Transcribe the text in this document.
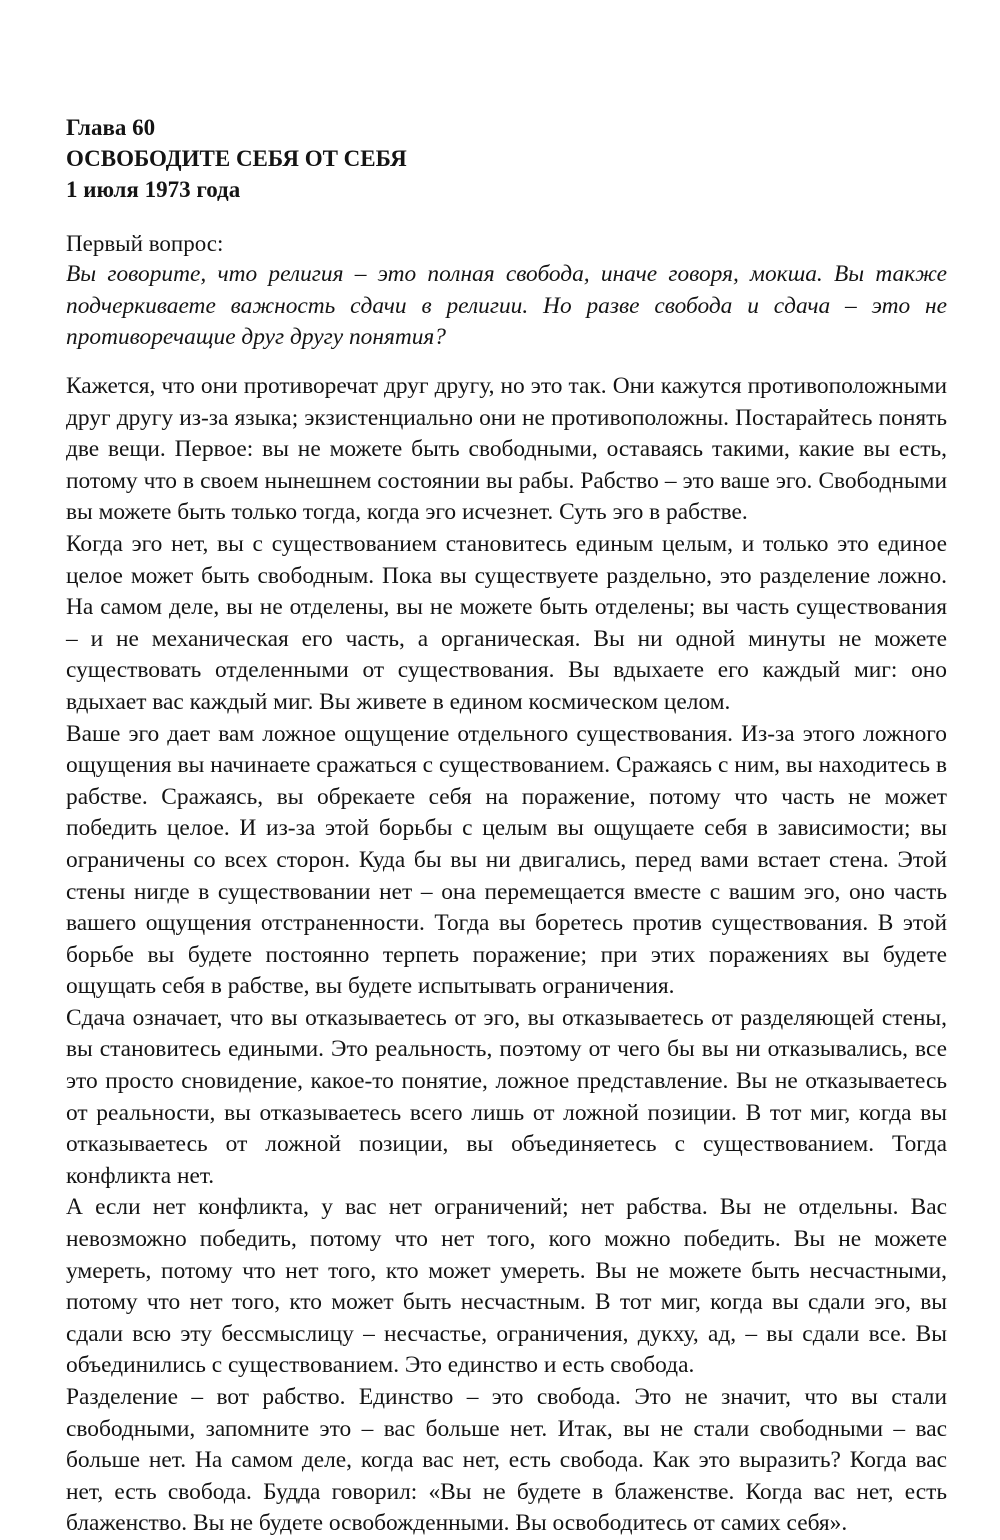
Глава 60
ОСВОБОДИТЕ СЕБЯ ОТ СЕБЯ
1 июля 1973 года
Первый вопрос:
Вы говорите, что религия – это полная свобода, иначе говоря, мокша. Вы также подчеркиваете важность сдачи в религии. Но разве свобода и сдача – это не противоречащие друг другу понятия?

Кажется, что они противоречат друг другу, но это так. Они кажутся противоположными друг другу из-за языка; экзистенциально они не противоположны. Постарайтесь понять две вещи. Первое: вы не можете быть свободными, оставаясь такими, какие вы есть, потому что в своем нынешнем состоянии вы рабы. Рабство – это ваше эго. Свободными вы можете быть только тогда, когда эго исчезнет. Суть эго в рабстве.

Когда эго нет, вы с существованием становитесь единым целым, и только это единое целое может быть свободным. Пока вы существуете раздельно, это разделение ложно. На самом деле, вы не отделены, вы не можете быть отделены; вы часть существования – и не механическая его часть, а органическая. Вы ни одной минуты не можете существовать отделенными от существования. Вы вдыхаете его каждый миг: оно вдыхает вас каждый миг. Вы живете в едином космическом целом.

Ваше эго дает вам ложное ощущение отдельного существования. Из-за этого ложного ощущения вы начинаете сражаться с существованием. Сражаясь с ним, вы находитесь в рабстве. Сражаясь, вы обрекаете себя на поражение, потому что часть не может победить целое. И из-за этой борьбы с целым вы ощущаете себя в зависимости; вы ограничены со всех сторон. Куда бы вы ни двигались, перед вами встает стена. Этой стены нигде в существовании нет – она перемещается вместе с вашим эго, оно часть вашего ощущения отстраненности. Тогда вы боретесь против существования. В этой борьбе вы будете постоянно терпеть поражение; при этих поражениях вы будете ощущать себя в рабстве, вы будете испытывать ограничения.

Сдача означает, что вы отказываетесь от эго, вы отказываетесь от разделяющей стены, вы становитесь едиными. Это реальность, поэтому от чего бы вы ни отказывались, все это просто сновидение, какое-то понятие, ложное представление. Вы не отказываетесь от реальности, вы отказываетесь всего лишь от ложной позиции. В тот миг, когда вы отказываетесь от ложной позиции, вы объединяетесь с существованием. Тогда конфликта нет.

А если нет конфликта, у вас нет ограничений; нет рабства. Вы не отдельны. Вас невозможно победить, потому что нет того, кого можно победить. Вы не можете умереть, потому что нет того, кто может умереть. Вы не можете быть несчастными, потому что нет того, кто может быть несчастным. В тот миг, когда вы сдали эго, вы сдали всю эту бессмыслицу – несчастье, ограничения, дукху, ад, – вы сдали все. Вы объединились с существованием. Это единство и есть свобода.

Разделение – вот рабство. Единство – это свобода. Это не значит, что вы стали свободными, запомните это – вас больше нет. Итак, вы не стали свободными – вас больше нет. На самом деле, когда вас нет, есть свобода. Как это выразить? Когда вас нет, есть свобода. Будда говорил: «Вы не будете в блаженстве. Когда вас нет, есть блаженство. Вы не будете освобожденными. Вы освободитесь от самих себя».
